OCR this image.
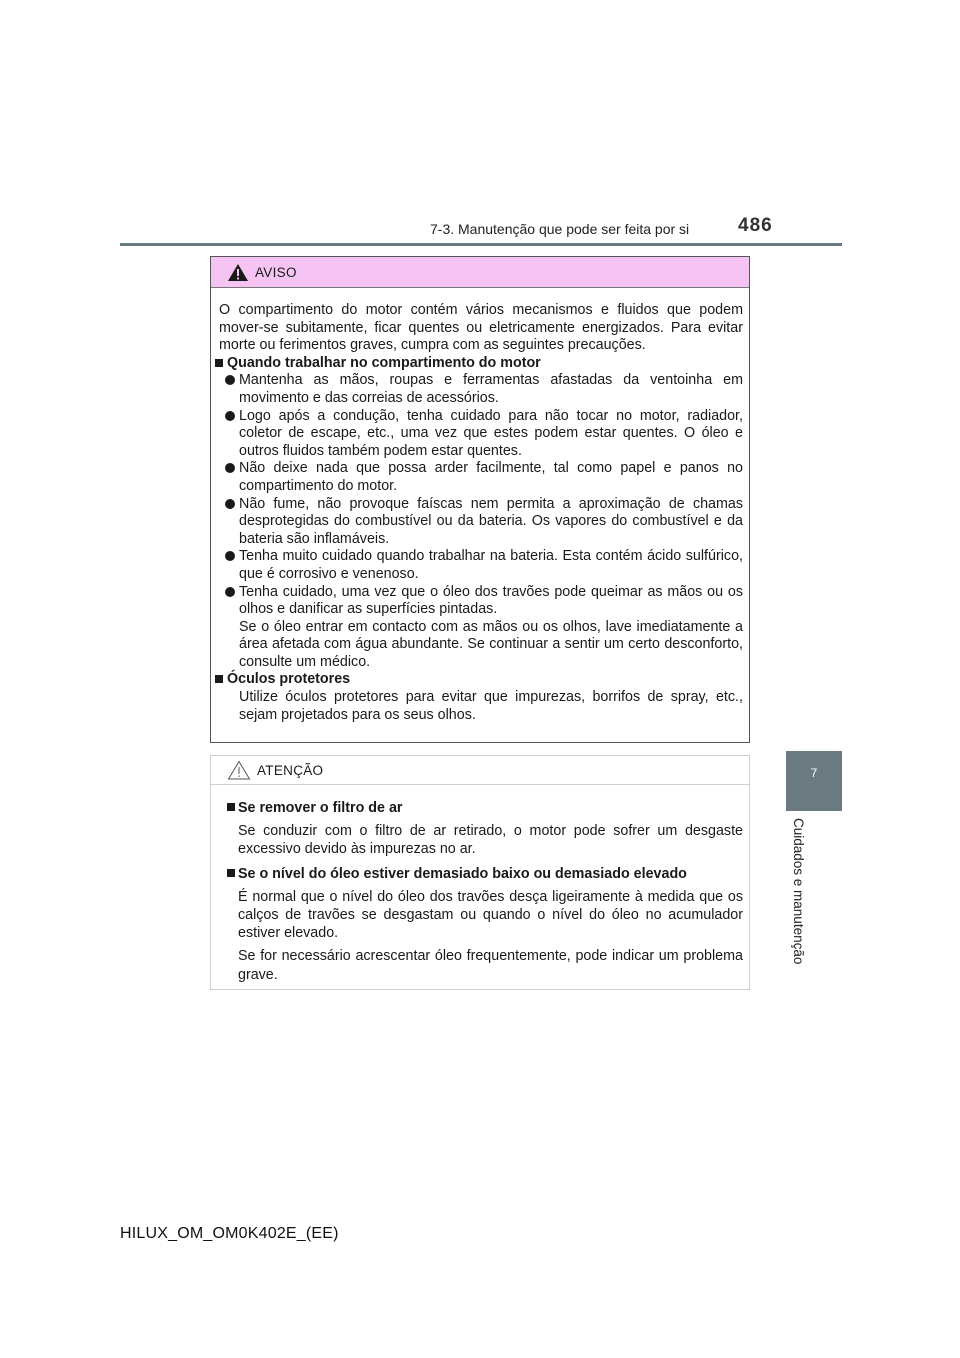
7-3. Manutenção que pode ser feita por si	486
7
Cuidados e manutenção
AVISO

O compartimento do motor contém vários mecanismos e fluidos que podem mover-se subitamente, ficar quentes ou eletricamente energizados. Para evitar morte ou ferimentos graves, cumpra com as seguintes precauções.

Quando trabalhar no compartimento do motor

Mantenha as mãos, roupas e ferramentas afastadas da ventoinha em movimento e das correias de acessórios.

Logo após a condução, tenha cuidado para não tocar no motor, radiador, coletor de escape, etc., uma vez que estes podem estar quentes. O óleo e outros fluidos também podem estar quentes.

Não deixe nada que possa arder facilmente, tal como papel e panos no compartimento do motor.

Não fume, não provoque faíscas nem permita a aproximação de chamas desprotegidas do combustível ou da bateria. Os vapores do combustível e da bateria são inflamáveis.

Tenha muito cuidado quando trabalhar na bateria. Esta contém ácido sulfúrico, que é corrosivo e venenoso.

Tenha cuidado, uma vez que o óleo dos travões pode queimar as mãos ou os olhos e danificar as superfícies pintadas.

Se o óleo entrar em contacto com as mãos ou os olhos, lave imediatamente a área afetada com água abundante. Se continuar a sentir um certo desconforto, consulte um médico.

Óculos protetores

Utilize óculos protetores para evitar que impurezas, borrifos de spray, etc., sejam projetados para os seus olhos.

ATENÇÃO

Se remover o filtro de ar

Se conduzir com o filtro de ar retirado, o motor pode sofrer um desgaste excessivo devido às impurezas no ar.

Se o nível do óleo estiver demasiado baixo ou demasiado elevado

É normal que o nível do óleo dos travões desça ligeiramente à medida que os calços de travões se desgastam ou quando o nível do óleo no acumulador estiver elevado.

Se for necessário acrescentar óleo frequentemente, pode indicar um problema grave.

HILUX_OM_OM0K402E_(EE)
